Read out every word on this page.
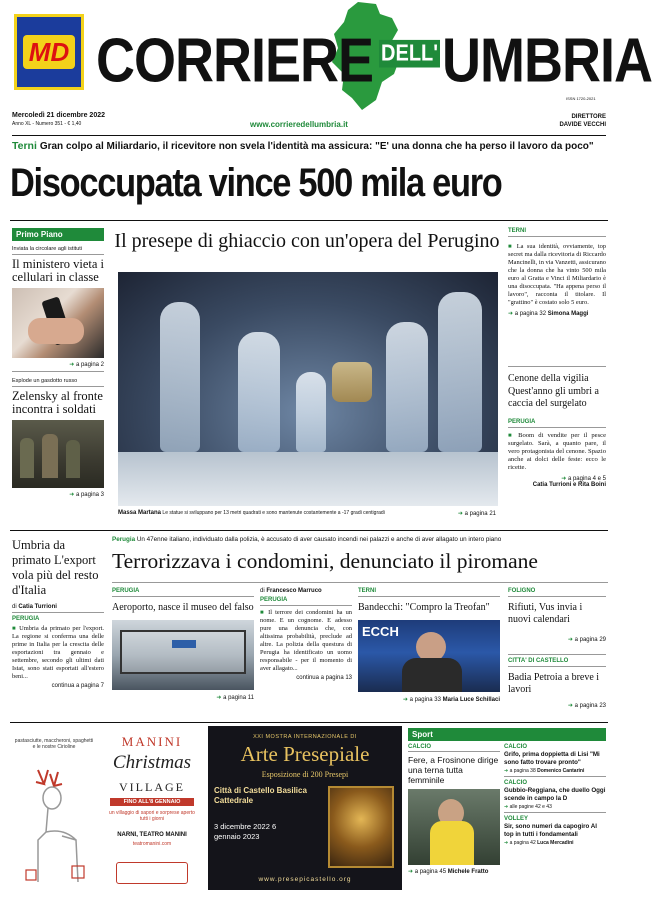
MD CORRIERE DELL' UMBRIA
ISSN 1720-2021
Mercoledì 21 dicembre 2022
Anno XL - Numero 351 - € 1,40	www.corrieredellumbria.it
DIRETTORE
DAVIDE VECCHI
Terni Gran colpo al Miliardario, il ricevitore non svela l'identità ma assicura: "E' una donna che ha perso il lavoro da poco"
Disoccupata vince 500 mila euro
Primo Piano
Inviata la circolare agli istituti
Il ministero vieta i cellulari in classe
➜ a pagina 2
Esplode un gasdotto russo
Zelensky al fronte incontra i soldati
➜ a pagina 3
Il presepe di ghiaccio con un'opera del Perugino
Massa Martana Le statue si sviluppano per 13 metri quadrati e sono mantenute costantemente a -17 gradi centigradi
➜	a pagina 21
TERNI
■ La sua identità, ovviamente, top secret ma dalla ricevitoria di Riccardo Mancinelli, in via Vanzetti, assicurano che la donna che ha vinto 500 mila euro al Gratta e Vinci il Miliardario è una disoccupata. "Ha appena perso il lavoro", racconta il titolare. Il "grattino" è costato solo 5 euro.
➜ a pagina 32 Simona Maggi
Cenone della vigilia Quest'anno gli umbri a caccia del surgelato
PERUGIA
■ Boom di vendite per il pesce surgelato. Sarà, a quanto pare, il vero protagonista del cenone. Spazio anche ai dolci delle feste: ecco le ricette.
➜ a pagina 4 e 5
Catia Turrioni e Rita Boini
Umbria da primato L'export vola più del resto d'Italia
di Catia Turrioni
PERUGIA
■ Umbria da primato per l'export. La regione si conferma una delle prime in Italia per la crescita delle esportazioni tra gennaio e settembre, secondo gli ultimi dati Istat, sono stati esportati all'estero beni...
continua a pagina 7
Perugia Un 47enne italiano, individuato dalla polizia, è accusato di aver causato incendi nei palazzi e anche di aver allagato un intero piano
Terrorizzava i condomini, denunciato il piromane
PERUGIA
Aeroporto, nasce il museo del falso
➜ a pagina 11
di Francesco Marruco
PERUGIA
■ Il terrore dei condomini ha un nome. E un cognome. E adesso pure una denuncia che, con altissima probabilità, preclude ad altre. La polizia della questura di Perugia ha identificato un uomo responsabile - per il momento di aver allagato...
continua a pagina 13
TERNI
Bandecchi: "Compro la Treofan"
ECCH
➜ a pagina 33 Maria Luce Schillaci
FOLIGNO
Rifiuti, Vus invia i nuovi calendari
➜ a pagina 29
CITTA' DI CASTELLO
Badia Petroia a breve i lavori
➜ a pagina 23
pastasciutte, maccheroni, spaghetti e le nostre Cirioline	MANINI
Christmas
VILLAGE
FINO ALL'8 GENNAIO
un villaggio di sapori e sorprese aperto tutti i giorni
NARNI, TEATRO MANINI
teatromanini.com
XXI MOSTRA INTERNAZIONALE DI
Arte Presepiale
Esposizione di 200 Presepi
Città di Castello Basilica Cattedrale
3 dicembre 2022 6 gennaio 2023
www.presepicastello.org
Sport
CALCIO
Fere, a Frosinone dirige una terna tutta femminile
➜ a pagina 45 Michele Fratto
CALCIO
Grifo, prima doppietta di Lisi "Mi sono fatto trovare pronto"
➜ a pagina 38 Domenico Cantarini
CALCIO
Gubbio-Reggiana, che duello Oggi scende in campo la D
➜ alle pagine 42 e 43
VOLLEY
Sir, sono numeri da capogiro Al top in tutti i fondamentali
➜ a pagina 42 Luca Mercadini
